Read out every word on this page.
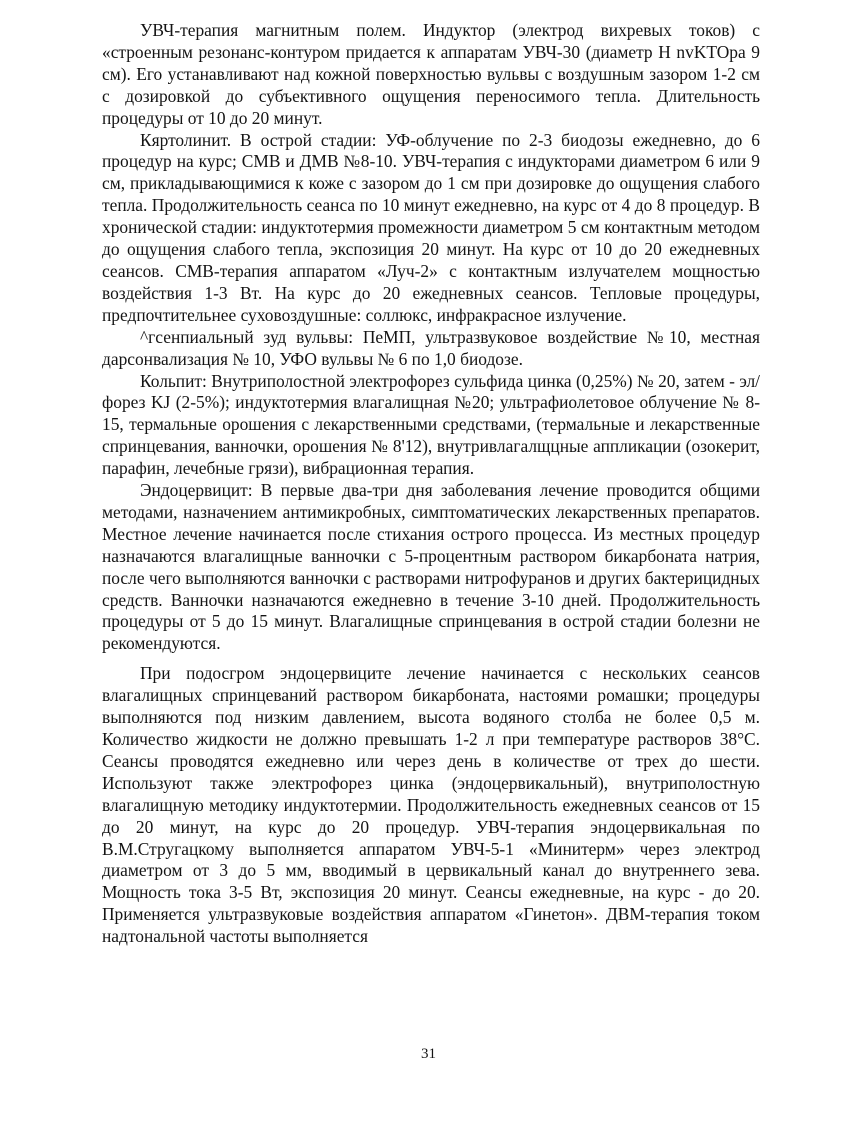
УВЧ-терапия магнитным полем. Индуктор (электрод вихревых токов) с «строенным резонанс-контуром придается к аппаратам УВЧ-30 (диаметр Н nvKTOpa 9 см). Его устанавливают над кожной поверхностью вульвы с воздушным зазором 1-2 см с дозировкой до субъективного ощущения переносимого тепла. Длительность процедуры от 10 до 20 минут.

Кяртолинит. В острой стадии: УФ-облучение по 2-3 биодозы ежедневно, до 6 процедур на курс; СМВ и ДМВ №8-10. УВЧ-терапия с индукторами диаметром 6 или 9 см, прикладывающимися к коже с зазором до 1 см при дозировке до ощущения слабого тепла. Продолжительность сеанса по 10 минут ежедневно, на курс от 4 до 8 процедур. В хронической стадии: индуктотермия промежности диаметром 5 см контактным методом до ощущения слабого тепла, экспозиция 20 минут. На курс от 10 до 20 ежедневных сеансов. СМВ-терапия аппаратом «Луч-2» с контактным излучателем мощностью воздействия 1-3 Вт. На курс до 20 ежедневных сеансов. Тепловые процедуры, предпочтительнее суховоздушные: соллюкс, инфракрасное излучение.

^гсенпиальный зуд вульвы: ПеМП, ультразвуковое воздействие №10, местная дарсонвализация № 10, УФО вульвы № 6 по 1,0 биодозе.

Кольпит: Внутриполостной электрофорез сульфида цинка (0,25%) № 20, затем - эл/форез KJ (2-5%); индуктотермия влагалищная №20; ультрафиолетовое облучение № 8-15, термальные орошения с лекарственными средствами, (термальные и лекарственные спринцевания, ванночки, орошения № 8'12), внутривлагалщцные аппликации (озокерит, парафин, лечебные грязи), вибрационная терапия.

Эндоцервицит: В первые два-три дня заболевания лечение проводится общими методами, назначением антимикробных, симптоматических лекарственных препаратов. Местное лечение начинается после стихания острого процесса. Из местных процедур назначаются влагалищные ванночки с 5-процентным раствором бикарбоната натрия, после чего выполняются ванночки с растворами нитрофуранов и других бактерицидных средств. Ванночки назначаются ежедневно в течение 3-10 дней. Продолжительность процедуры от 5 до 15 минут. Влагалищные спринцевания в острой стадии болезни не рекомендуются.

При подосгром эндоцервиците лечение начинается с нескольких сеансов влагалищных спринцеваний раствором бикарбоната, настоями ромашки; процедуры выполняются под низким давлением, высота водяного столба не более 0,5 м. Количество жидкости не должно превышать 1-2 л при температуре растворов 38°С. Сеансы проводятся ежедневно или через день в количестве от трех до шести. Используют также электрофорез цинка (эндоцервикальный), внутриполостную влагалищную методику индуктотермии. Продолжительность ежедневных сеансов от 15 до 20 минут, на курс до 20 процедур. УВЧ-терапия эндоцервикальная по В.М.Стругацкому выполняется аппаратом УВЧ-5-1 «Минитерм» через электрод диаметром от 3 до 5 мм, вводимый в цервикальный канал до внутреннего зева. Мощность тока 3-5 Вт, экспозиция 20 минут. Сеансы ежедневные, на курс - до 20. Применяется ультразвуковые воздействия аппаратом «Гинетон». ДВМ-терапия током надтональной частоты выполняется

31
